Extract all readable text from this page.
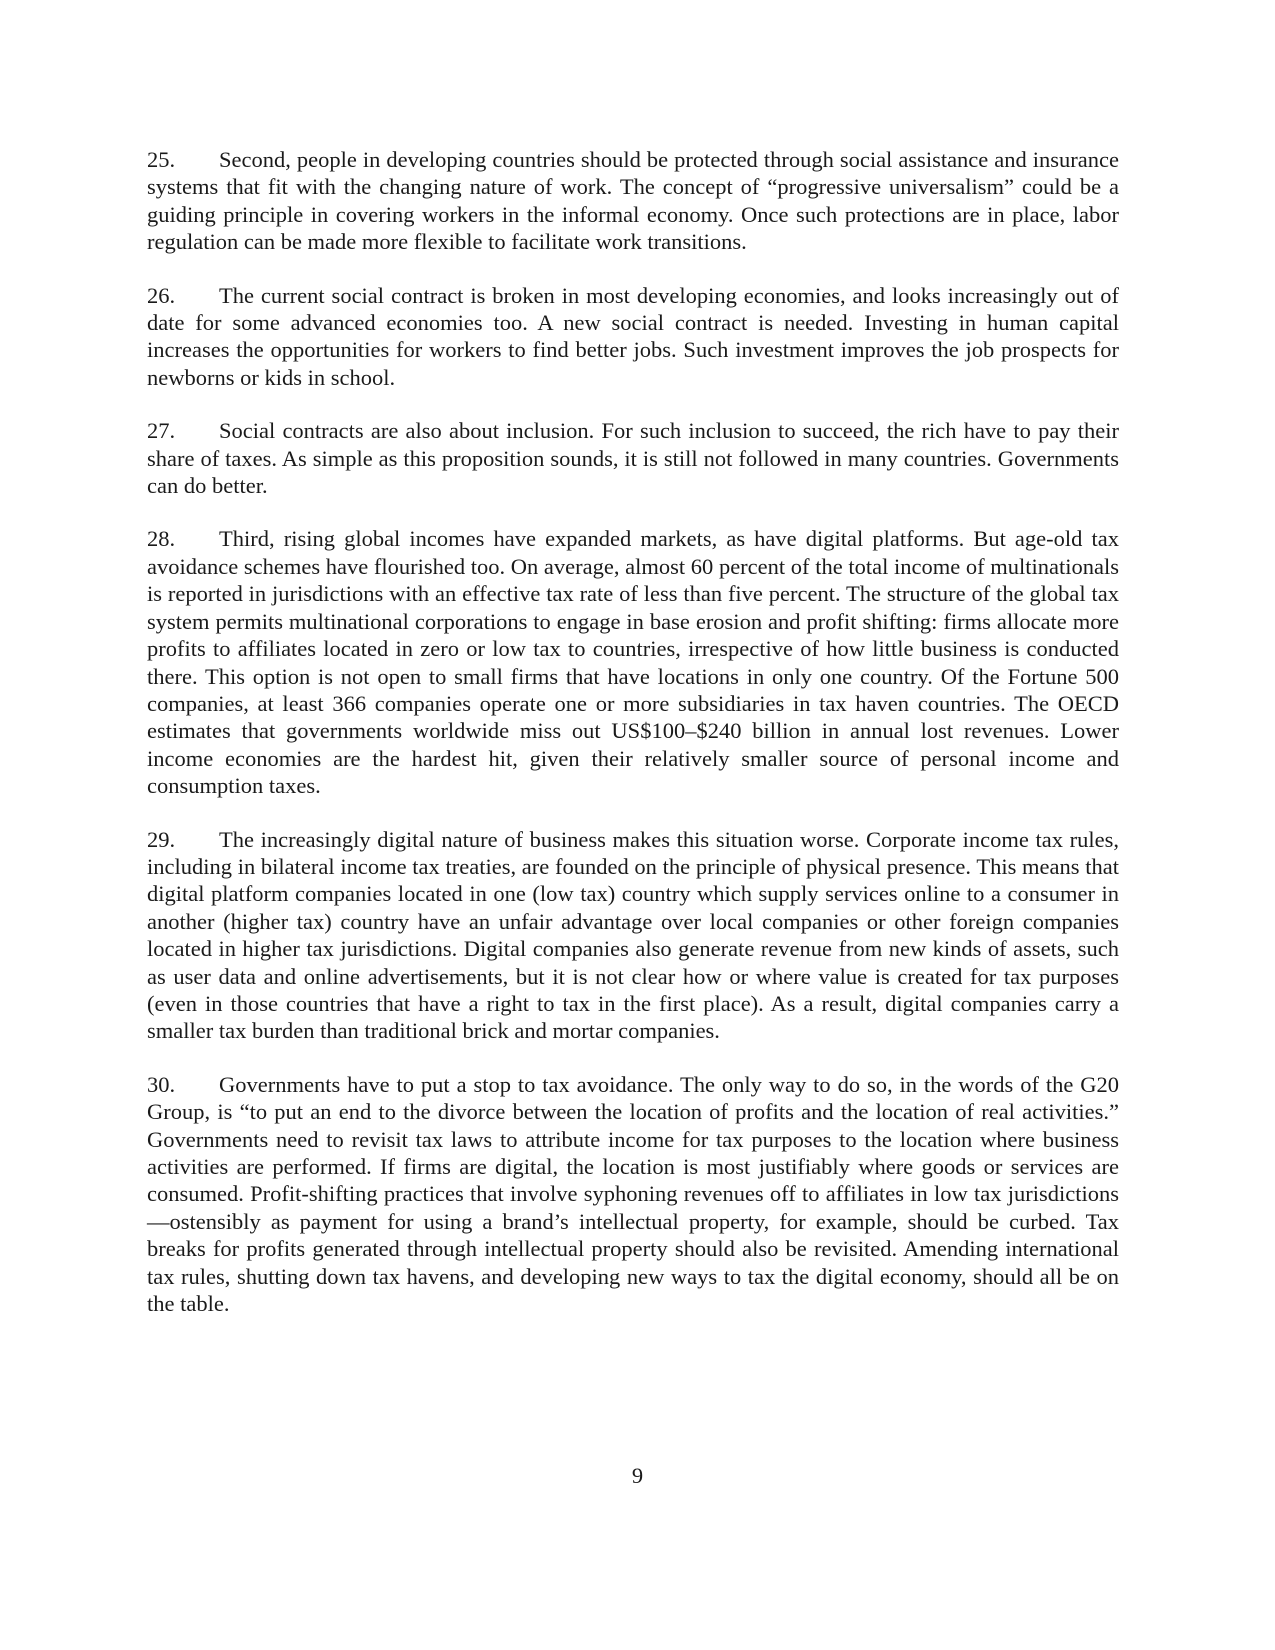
25. Second, people in developing countries should be protected through social assistance and insurance systems that fit with the changing nature of work. The concept of “progressive universalism” could be a guiding principle in covering workers in the informal economy. Once such protections are in place, labor regulation can be made more flexible to facilitate work transitions.

26. The current social contract is broken in most developing economies, and looks increasingly out of date for some advanced economies too. A new social contract is needed. Investing in human capital increases the opportunities for workers to find better jobs. Such investment improves the job prospects for newborns or kids in school.

27. Social contracts are also about inclusion. For such inclusion to succeed, the rich have to pay their share of taxes. As simple as this proposition sounds, it is still not followed in many countries. Governments can do better.

28. Third, rising global incomes have expanded markets, as have digital platforms. But age-old tax avoidance schemes have flourished too. On average, almost 60 percent of the total income of multinationals is reported in jurisdictions with an effective tax rate of less than five percent. The structure of the global tax system permits multinational corporations to engage in base erosion and profit shifting: firms allocate more profits to affiliates located in zero or low tax to countries, irrespective of how little business is conducted there. This option is not open to small firms that have locations in only one country. Of the Fortune 500 companies, at least 366 companies operate one or more subsidiaries in tax haven countries. The OECD estimates that governments worldwide miss out US$100–$240 billion in annual lost revenues. Lower income economies are the hardest hit, given their relatively smaller source of personal income and consumption taxes.

29. The increasingly digital nature of business makes this situation worse. Corporate income tax rules, including in bilateral income tax treaties, are founded on the principle of physical presence. This means that digital platform companies located in one (low tax) country which supply services online to a consumer in another (higher tax) country have an unfair advantage over local companies or other foreign companies located in higher tax jurisdictions. Digital companies also generate revenue from new kinds of assets, such as user data and online advertisements, but it is not clear how or where value is created for tax purposes (even in those countries that have a right to tax in the first place). As a result, digital companies carry a smaller tax burden than traditional brick and mortar companies.

30. Governments have to put a stop to tax avoidance. The only way to do so, in the words of the G20 Group, is “to put an end to the divorce between the location of profits and the location of real activities.” Governments need to revisit tax laws to attribute income for tax purposes to the location where business activities are performed. If firms are digital, the location is most justifiably where goods or services are consumed. Profit-shifting practices that involve syphoning revenues off to affiliates in low tax jurisdictions—ostensibly as payment for using a brand’s intellectual property, for example, should be curbed. Tax breaks for profits generated through intellectual property should also be revisited. Amending international tax rules, shutting down tax havens, and developing new ways to tax the digital economy, should all be on the table.

9
